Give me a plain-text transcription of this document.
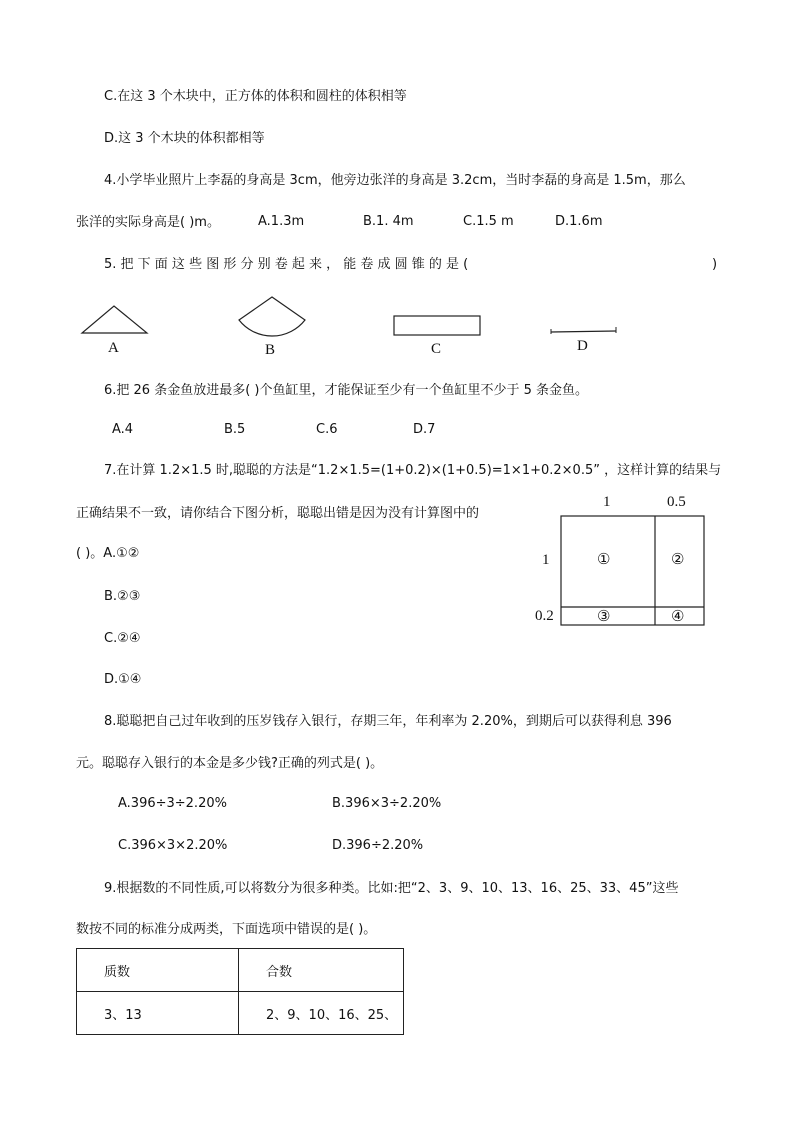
C.在这 3 个木块中，正方体的体积和圆柱的体积相等
D.这 3 个木块的体积都相等
4.小学毕业照片上李磊的身高是 3cm，他旁边张洋的身高是 3.2cm，当时李磊的身高是 1.5m，那么
张洋的实际身高是( )m。	A.1.3m	B.1. 4m	C.1.5 m	D.1.6m
5. 把 下 面 这 些 图 形 分 别 卷 起 来 ， 能 卷 成 圆 锥 的 是 (	)
A	B	C	D
6.把 26 条金鱼放进最多( )个鱼缸里，才能保证至少有一个鱼缸里不少于 5 条金鱼。
A.4	B.5	C.6	D.7
7.在计算 1.2×1.5 时,聪聪的方法是“1.2×1.5=(1+0.2)×(1+0.5)=1×1+0.2×0.5” ，这样计算的结果与
正确结果不一致，请你结合下图分析，聪聪出错是因为没有计算图中的
( )。A.①②
B.②③
C.②④
D.①④
1	0.5
1
0.2
①	②
③	④
8.聪聪把自己过年收到的压岁钱存入银行，存期三年，年利率为 2.20%，到期后可以获得利息 396
元。聪聪存入银行的本金是多少钱?正确的列式是( )。
A.396÷3÷2.20%	B.396×3÷2.20%
C.396×3×2.20%	D.396÷2.20%
9.根据数的不同性质,可以将数分为很多种类。比如:把“2、3、9、10、13、16、25、33、45”这些
数按不同的标准分成两类，下面选项中错误的是( )。
质数	合数
3、13	2、9、10、16、25、
